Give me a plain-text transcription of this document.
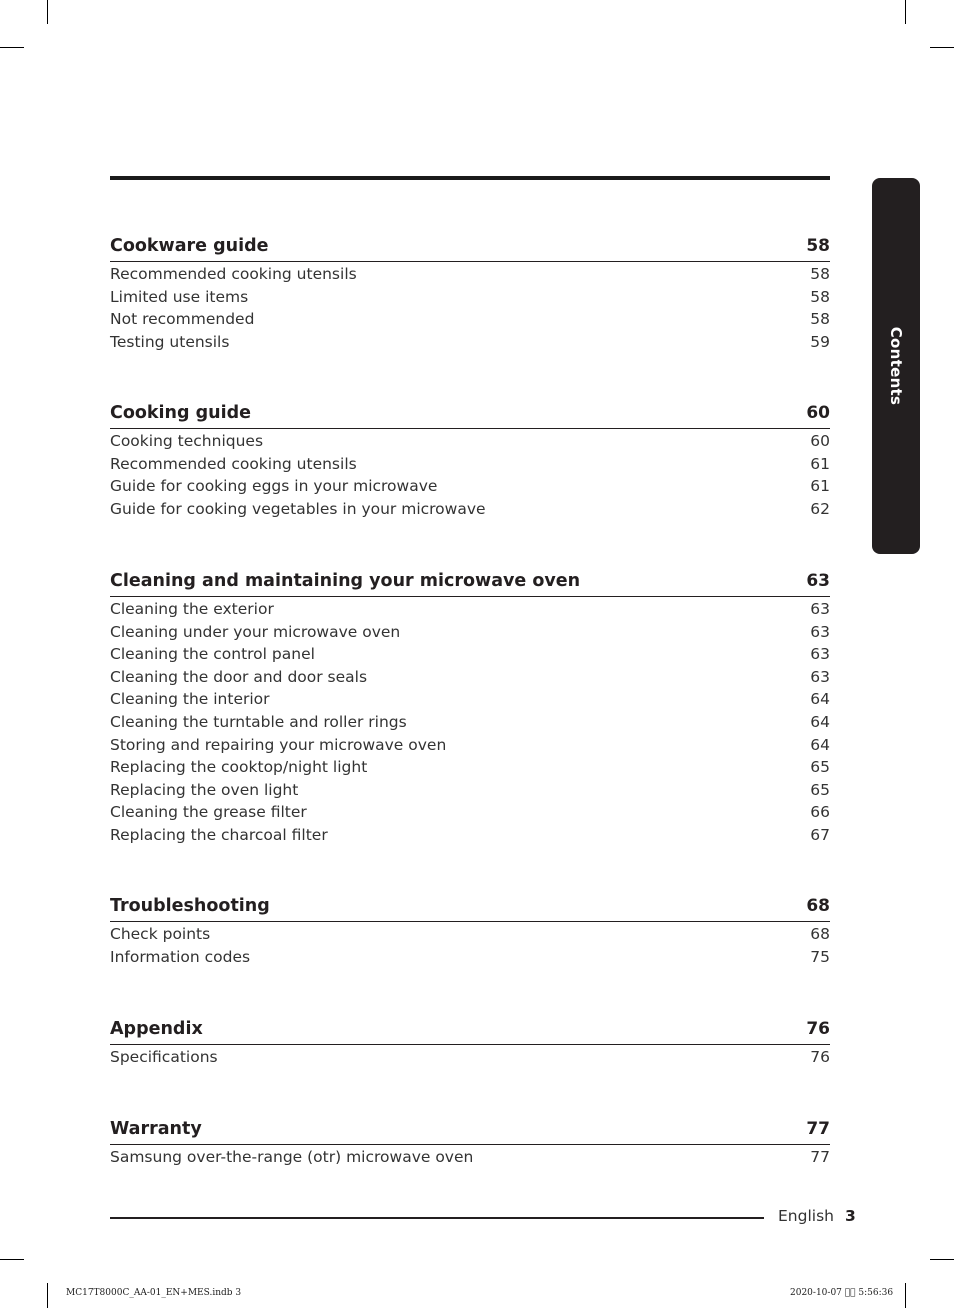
Contents
Cookware guide	58
Recommended cooking utensils	58
Limited use items	58
Not recommended	58
Testing utensils	59
Cooking guide	60
Cooking techniques	60
Recommended cooking utensils	61
Guide for cooking eggs in your microwave	61
Guide for cooking vegetables in your microwave	62
Cleaning and maintaining your microwave oven	63
Cleaning the exterior	63
Cleaning under your microwave oven	63
Cleaning the control panel	63
Cleaning the door and door seals	63
Cleaning the interior	64
Cleaning the turntable and roller rings	64
Storing and repairing your microwave oven	64
Replacing the cooktop/night light	65
Replacing the oven light	65
Cleaning the grease filter	66
Replacing the charcoal filter	67
Troubleshooting	68
Check points	68
Information codes	75
Appendix	76
Specifications	76
Warranty	77
Samsung over-the-range (otr) microwave oven	77
English 3
MC17T8000C_AA-01_EN+MES.indb 3	2020-10-07 ￿￿ 5:56:36
